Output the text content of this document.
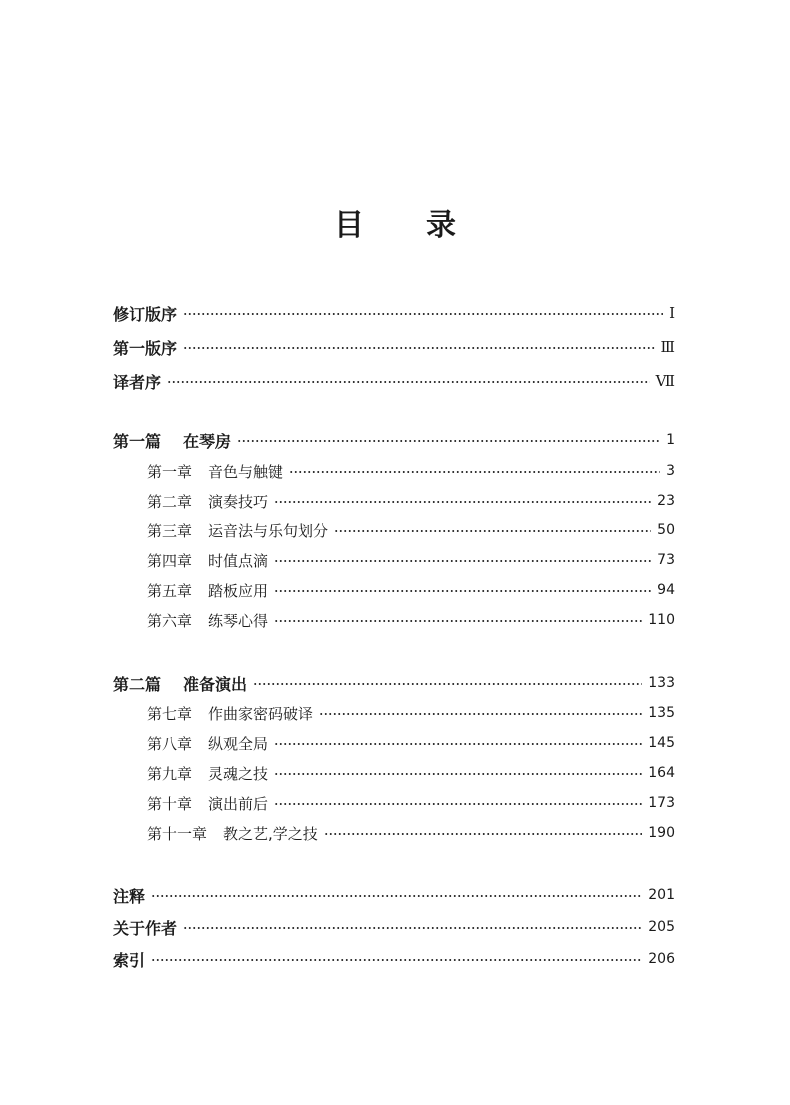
目 录
修订版序	Ⅰ
第一版序	Ⅲ
译者序	Ⅶ
第一篇 在琴房	1
第一章 音色与触键	3
第二章 演奏技巧	23
第三章 运音法与乐句划分	50
第四章 时值点滴	73
第五章 踏板应用	94
第六章 练琴心得	110
第二篇 准备演出	133
第七章 作曲家密码破译	135
第八章 纵观全局	145
第九章 灵魂之技	164
第十章 演出前后	173
第十一章 教之艺,学之技	190
注释	201
关于作者	205
索引	206
